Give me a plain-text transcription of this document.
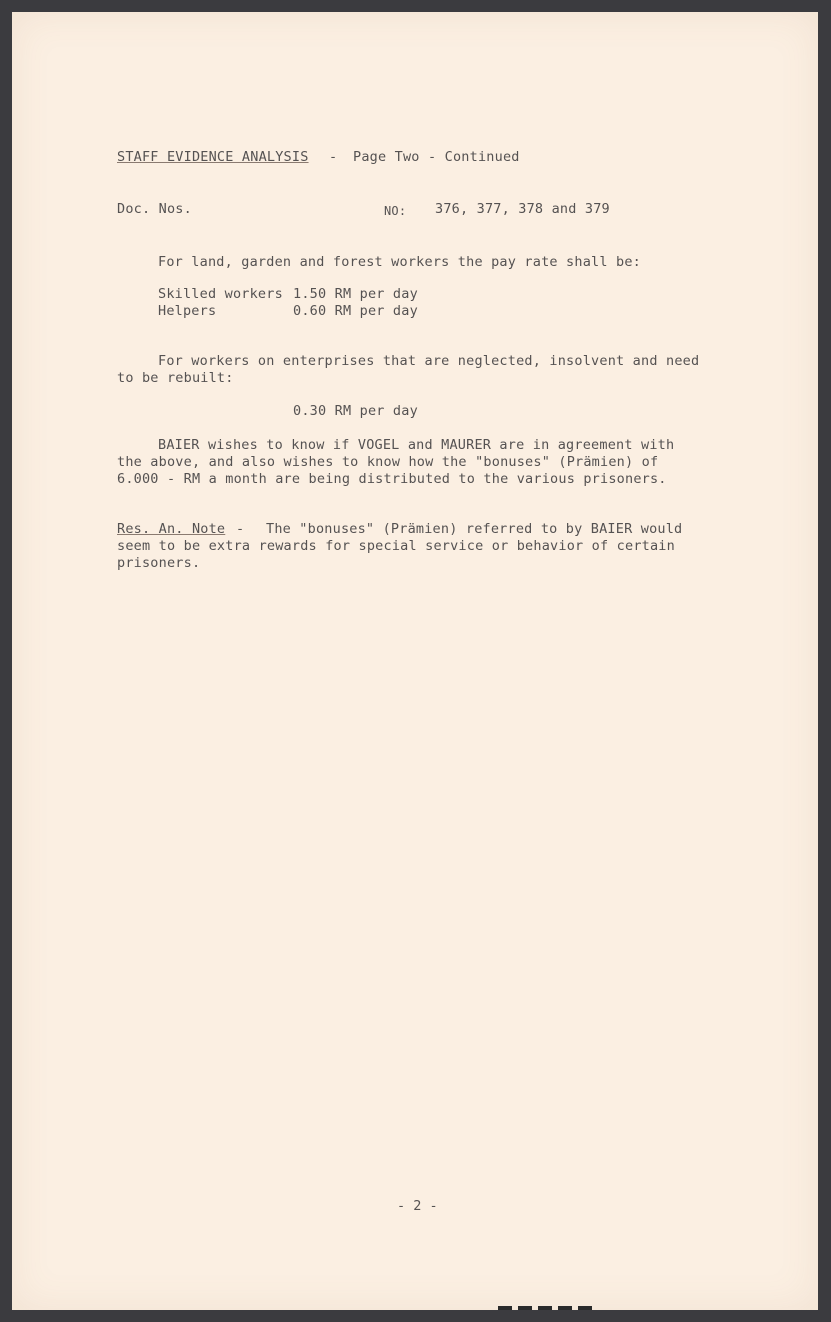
STAFF EVIDENCE ANALYSIS - Page Two - Continued
Doc. Nos.	NO: 376, 377, 378 and 379
For land, garden and forest workers the pay rate shall be:
Skilled workers 1.50 RM per day
Helpers	0.60 RM per day
For workers on enterprises that are neglected, insolvent and need
to be rebuilt:
0.30 RM per day
BAIER wishes to know if VOGEL and MAURER are in agreement with
the above, and also wishes to know how the "bonuses" (Prämien) of
6.000 - RM a month are being distributed to the various prisoners.
Res. An. Note - The "bonuses" (Prämien) referred to by BAIER would
seem to be extra rewards for special service or behavior of certain
prisoners.
- 2 -
